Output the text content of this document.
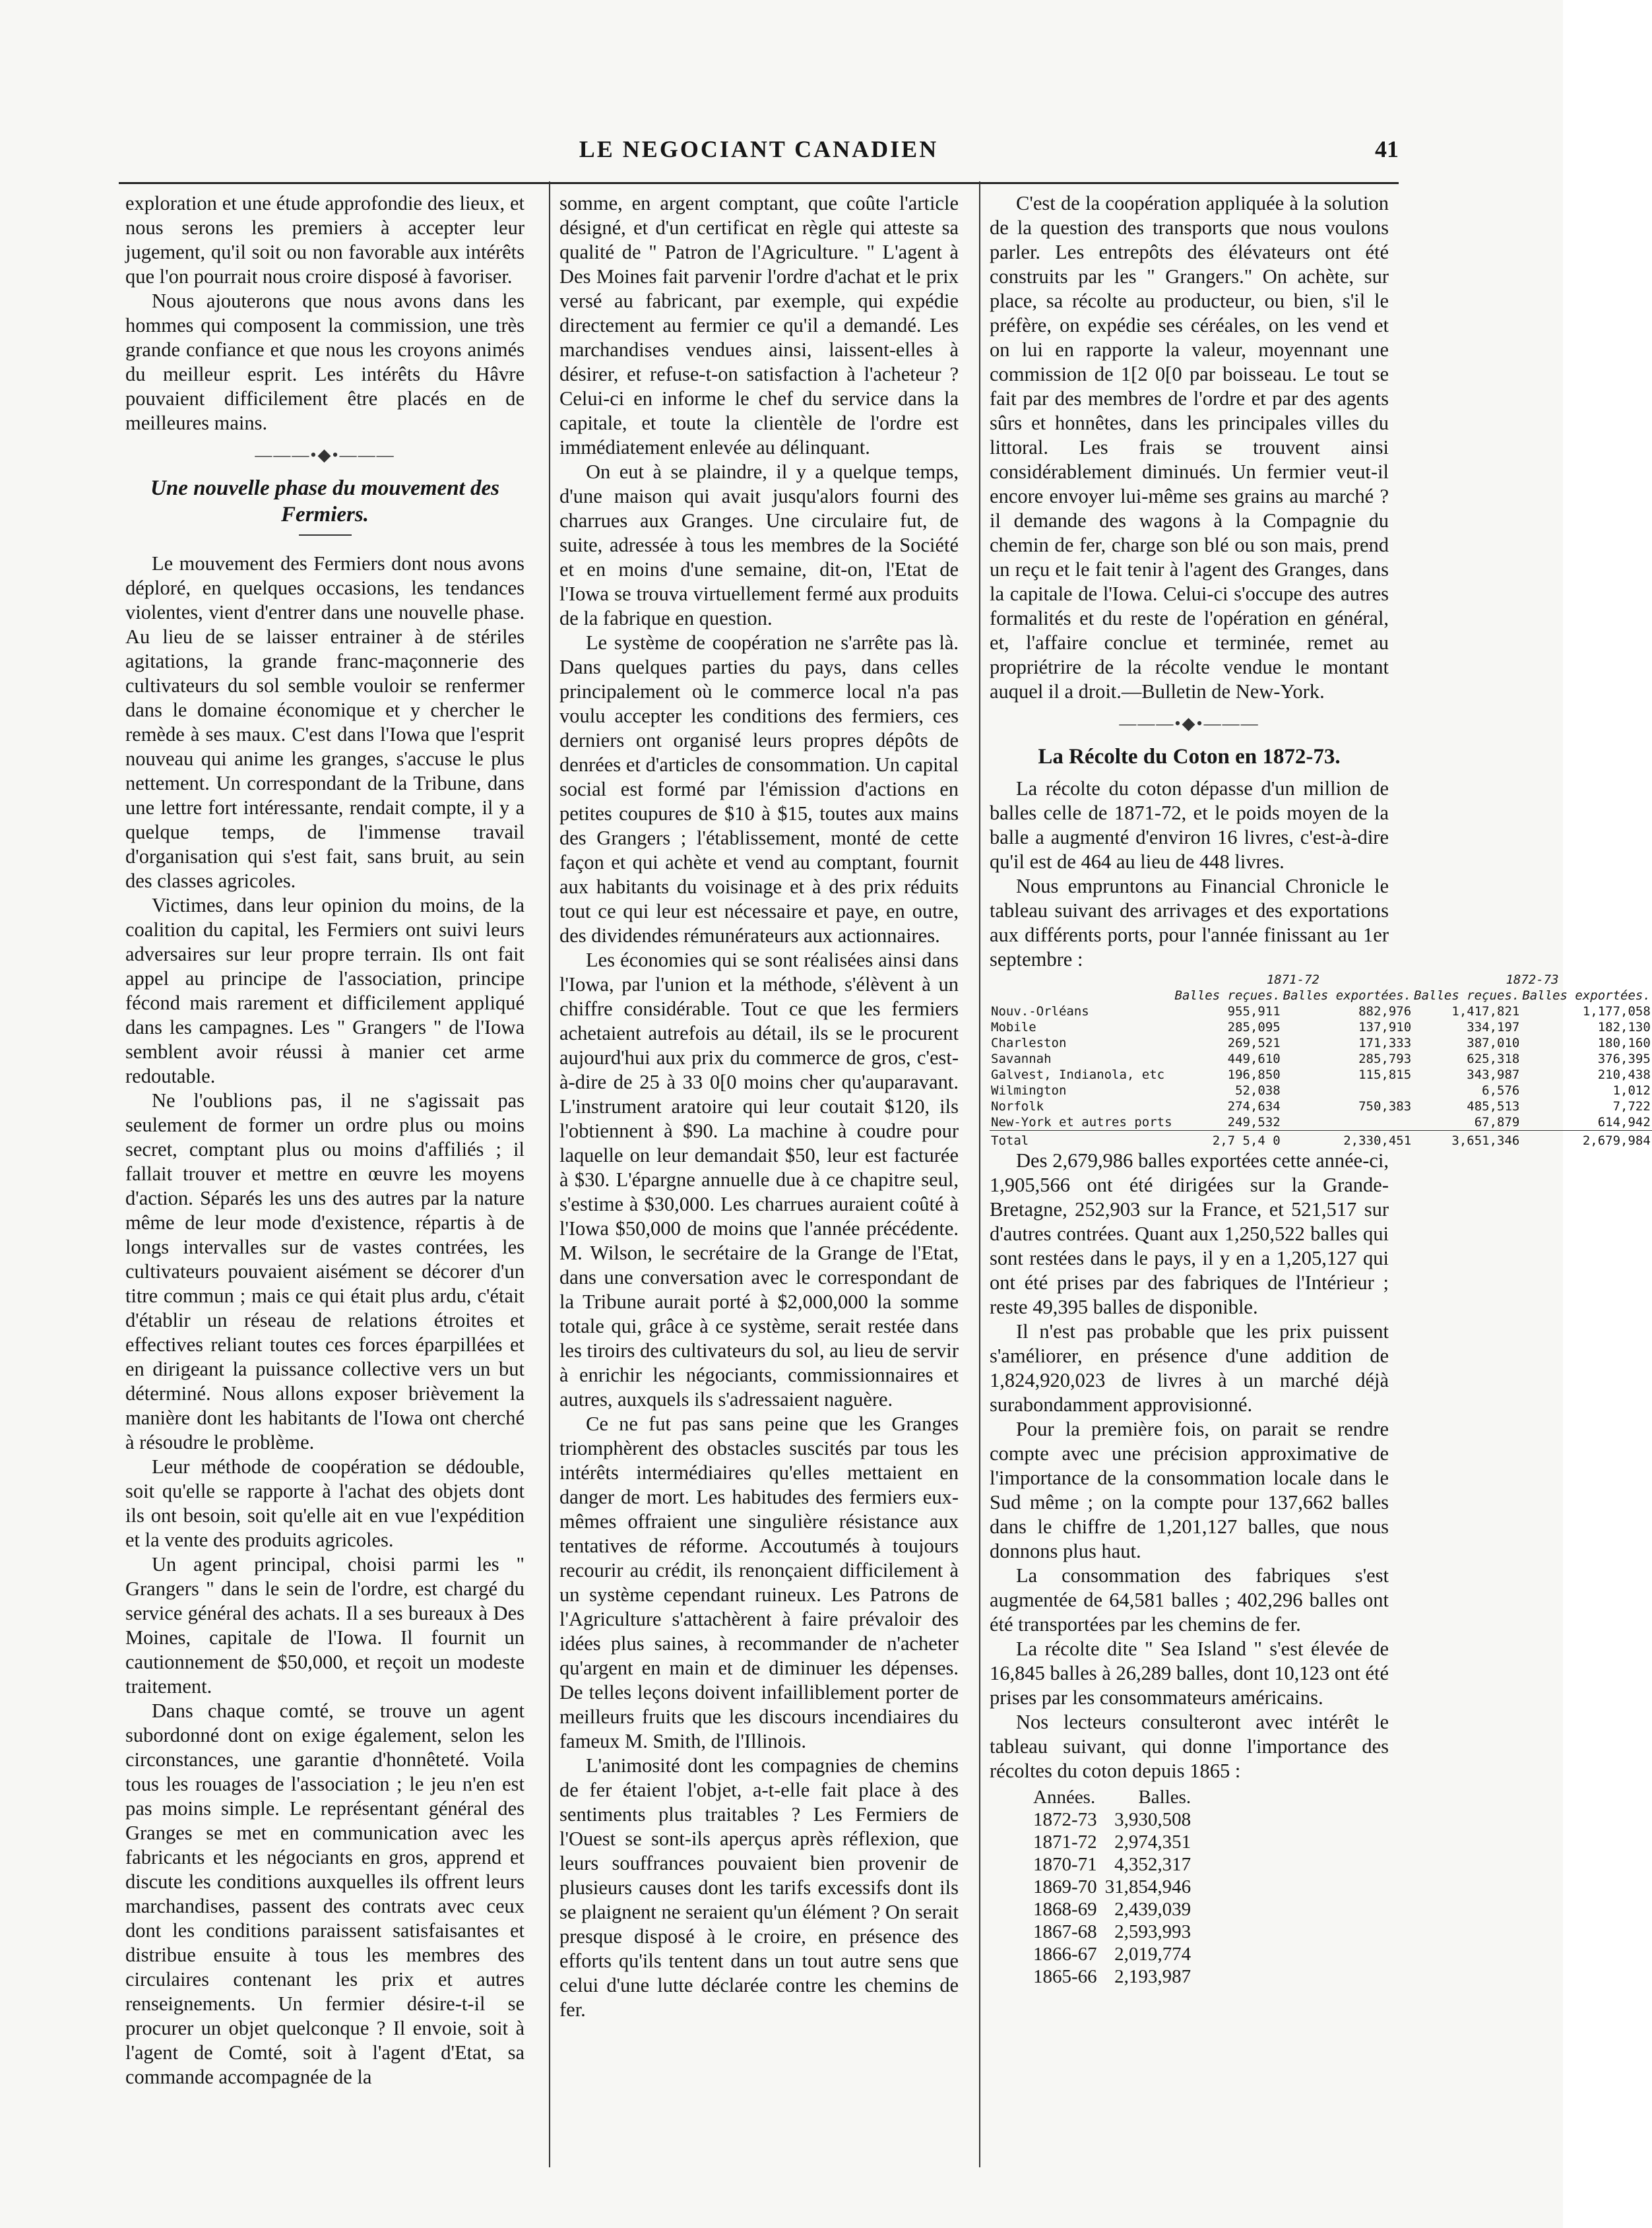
LE NEGOCIANT CANADIEN	41

exploration et une étude approfondie des lieux, et nous serons les premiers à accepter leur jugement, qu'il soit ou non favorable aux intérêts que l'on pourrait nous croire disposé à favoriser.

Nous ajouterons que nous avons dans les hommes qui composent la commission, une très grande confiance et que nous les croyons animés du meilleur esprit. Les intérêts du Hâvre pouvaient difficilement être placés en de meilleures mains.

———•◆•———

Une nouvelle phase du mouvement des Fermiers.

Le mouvement des Fermiers dont nous avons déploré, en quelques occasions, les tendances violentes, vient d'entrer dans une nouvelle phase. Au lieu de se laisser entrainer à de stériles agitations, la grande franc-maçonnerie des cultivateurs du sol semble vouloir se renfermer dans le domaine économique et y chercher le remède à ses maux. C'est dans l'Iowa que l'esprit nouveau qui anime les granges, s'accuse le plus nettement. Un correspondant de la Tribune, dans une lettre fort intéressante, rendait compte, il y a quelque temps, de l'immense travail d'organisation qui s'est fait, sans bruit, au sein des classes agricoles.

Victimes, dans leur opinion du moins, de la coalition du capital, les Fermiers ont suivi leurs adversaires sur leur propre terrain. Ils ont fait appel au principe de l'association, principe fécond mais rarement et difficilement appliqué dans les campagnes. Les " Grangers " de l'Iowa semblent avoir réussi à manier cet arme redoutable.

Ne l'oublions pas, il ne s'agissait pas seulement de former un ordre plus ou moins secret, comptant plus ou moins d'affiliés ; il fallait trouver et mettre en œuvre les moyens d'action. Séparés les uns des autres par la nature même de leur mode d'existence, répartis à de longs intervalles sur de vastes contrées, les cultivateurs pouvaient aisément se décorer d'un titre commun ; mais ce qui était plus ardu, c'était d'établir un réseau de relations étroites et effectives reliant toutes ces forces éparpillées et en dirigeant la puissance collective vers un but déterminé. Nous allons exposer brièvement la manière dont les habitants de l'Iowa ont cherché à résoudre le problème.

Leur méthode de coopération se dédouble, soit qu'elle se rapporte à l'achat des objets dont ils ont besoin, soit qu'elle ait en vue l'expédition et la vente des produits agricoles.

Un agent principal, choisi parmi les " Grangers " dans le sein de l'ordre, est chargé du service général des achats. Il a ses bureaux à Des Moines, capitale de l'Iowa. Il fournit un cautionnement de $50,000, et reçoit un modeste traitement.

Dans chaque comté, se trouve un agent subordonné dont on exige également, selon les circonstances, une garantie d'honnêteté. Voila tous les rouages de l'association ; le jeu n'en est pas moins simple. Le représentant général des Granges se met en communication avec les fabricants et les négociants en gros, apprend et discute les conditions auxquelles ils offrent leurs marchandises, passent des contrats avec ceux dont les conditions paraissent satisfaisantes et distribue ensuite à tous les membres des circulaires contenant les prix et autres renseignements. Un fermier désire-t-il se procurer un objet quelconque ? Il envoie, soit à l'agent de Comté, soit à l'agent d'Etat, sa commande accompagnée de la

somme, en argent comptant, que coûte l'article désigné, et d'un certificat en règle qui atteste sa qualité de " Patron de l'Agriculture. " L'agent à Des Moines fait parvenir l'ordre d'achat et le prix versé au fabricant, par exemple, qui expédie directement au fermier ce qu'il a demandé. Les marchandises vendues ainsi, laissent-elles à désirer, et refuse-t-on satisfaction à l'acheteur ? Celui-ci en informe le chef du service dans la capitale, et toute la clientèle de l'ordre est immédiatement enlevée au délinquant.

On eut à se plaindre, il y a quelque temps, d'une maison qui avait jusqu'alors fourni des charrues aux Granges. Une circulaire fut, de suite, adressée à tous les membres de la Société et en moins d'une semaine, dit-on, l'Etat de l'Iowa se trouva virtuellement fermé aux produits de la fabrique en question.

Le système de coopération ne s'arrête pas là. Dans quelques parties du pays, dans celles principalement où le commerce local n'a pas voulu accepter les conditions des fermiers, ces derniers ont organisé leurs propres dépôts de denrées et d'articles de consommation. Un capital social est formé par l'émission d'actions en petites coupures de $10 à $15, toutes aux mains des Grangers ; l'établissement, monté de cette façon et qui achète et vend au comptant, fournit aux habitants du voisinage et à des prix réduits tout ce qui leur est nécessaire et paye, en outre, des dividendes rémunérateurs aux actionnaires.

Les économies qui se sont réalisées ainsi dans l'Iowa, par l'union et la méthode, s'élèvent à un chiffre considérable. Tout ce que les fermiers achetaient autrefois au détail, ils se le procurent aujourd'hui aux prix du commerce de gros, c'est-à-dire de 25 à 33 0[0 moins cher qu'auparavant. L'instrument aratoire qui leur coutait $120, ils l'obtiennent à $90. La machine à coudre pour laquelle on leur demandait $50, leur est facturée à $30. L'épargne annuelle due à ce chapitre seul, s'estime à $30,000. Les charrues auraient coûté à l'Iowa $50,000 de moins que l'année précédente. M. Wilson, le secrétaire de la Grange de l'Etat, dans une conversation avec le correspondant de la Tribune aurait porté à $2,000,000 la somme totale qui, grâce à ce système, serait restée dans les tiroirs des cultivateurs du sol, au lieu de servir à enrichir les négociants, commissionnaires et autres, auxquels ils s'adressaient naguère.

Ce ne fut pas sans peine que les Granges triomphèrent des obstacles suscités par tous les intérêts intermédiaires qu'elles mettaient en danger de mort. Les habitudes des fermiers eux-mêmes offraient une singulière résistance aux tentatives de réforme. Accoutumés à toujours recourir au crédit, ils renonçaient difficilement à un système cependant ruineux. Les Patrons de l'Agriculture s'attachèrent à faire prévaloir des idées plus saines, à recommander de n'acheter qu'argent en main et de diminuer les dépenses. De telles leçons doivent infailliblement porter de meilleurs fruits que les discours incendiaires du fameux M. Smith, de l'Illinois.

L'animosité dont les compagnies de chemins de fer étaient l'objet, a-t-elle fait place à des sentiments plus traitables ? Les Fermiers de l'Ouest se sont-ils aperçus après réflexion, que leurs souffrances pouvaient bien provenir de plusieurs causes dont les tarifs excessifs dont ils se plaignent ne seraient qu'un élément ? On serait presque disposé à le croire, en présence des efforts qu'ils tentent dans un tout autre sens que celui d'une lutte déclarée contre les chemins de fer.

C'est de la coopération appliquée à la solution de la question des transports que nous voulons parler. Les entrepôts des élévateurs ont été construits par les " Grangers." On achète, sur place, sa récolte au producteur, ou bien, s'il le préfère, on expédie ses céréales, on les vend et on lui en rapporte la valeur, moyennant une commission de 1[2 0[0 par boisseau. Le tout se fait par des membres de l'ordre et par des agents sûrs et honnêtes, dans les principales villes du littoral. Les frais se trouvent ainsi considérablement diminués. Un fermier veut-il encore envoyer lui-même ses grains au marché ? il demande des wagons à la Compagnie du chemin de fer, charge son blé ou son mais, prend un reçu et le fait tenir à l'agent des Granges, dans la capitale de l'Iowa. Celui-ci s'occupe des autres formalités et du reste de l'opération en général, et, l'affaire conclue et terminée, remet au propriétrire de la récolte vendue le montant auquel il a droit.—Bulletin de New-York.

———•◆•———

La Récolte du Coton en 1872-73.

La récolte du coton dépasse d'un million de balles celle de 1871-72, et le poids moyen de la balle a augmenté d'environ 16 livres, c'est-à-dire qu'il est de 464 au lieu de 448 livres.

Nous empruntons au Financial Chronicle le tableau suivant des arrivages et des exportations aux différents ports, pour l'année finissant au 1er septembre :

	1871-72		1872-73	
	Balles reçues.	Balles exportées.	Balles reçues.	Balles exportées.
Nouv.-Orléans	955,911	882,976	1,417,821	1,177,058
Mobile	285,095	137,910	334,197	182,130
Charleston	269,521	171,333	387,010	180,160
Savannah	449,610	285,793	625,318	376,395
Galvest, Indianola, etc	196,850	115,815	343,987	210,438
Wilmington	52,038		6,576	1,012
Norfolk	274,634	750,383	485,513	7,722
New-York et autres ports	249,532		67,879	614,942
Total	2,7 5,4 0	2,330,451	3,651,346	2,679,984

Des 2,679,986 balles exportées cette année-ci, 1,905,566 ont été dirigées sur la Grande-Bretagne, 252,903 sur la France, et 521,517 sur d'autres contrées. Quant aux 1,250,522 balles qui sont restées dans le pays, il y en a 1,205,127 qui ont été prises par des fabriques de l'Intérieur ; reste 49,395 balles de disponible.

Il n'est pas probable que les prix puissent s'améliorer, en présence d'une addition de 1,824,920,023 de livres à un marché déjà surabondamment approvisionné.

Pour la première fois, on parait se rendre compte avec une précision approximative de l'importance de la consommation locale dans le Sud même ; on la compte pour 137,662 balles dans le chiffre de 1,201,127 balles, que nous donnons plus haut.

La consommation des fabriques s'est augmentée de 64,581 balles ; 402,296 balles ont été transportées par les chemins de fer.

La récolte dite " Sea Island " s'est élevée de 16,845 balles à 26,289 balles, dont 10,123 ont été prises par les consommateurs américains.

Nos lecteurs consulteront avec intérêt le tableau suivant, qui donne l'importance des récoltes du coton depuis 1865 :

Années.	Balles.
1872-73	3,930,508
1871-72	2,974,351
1870-71	4,352,317
1869-70	31,854,946
1868-69	2,439,039
1867-68	2,593,993
1866-67	2,019,774
1865-66	2,193,987
